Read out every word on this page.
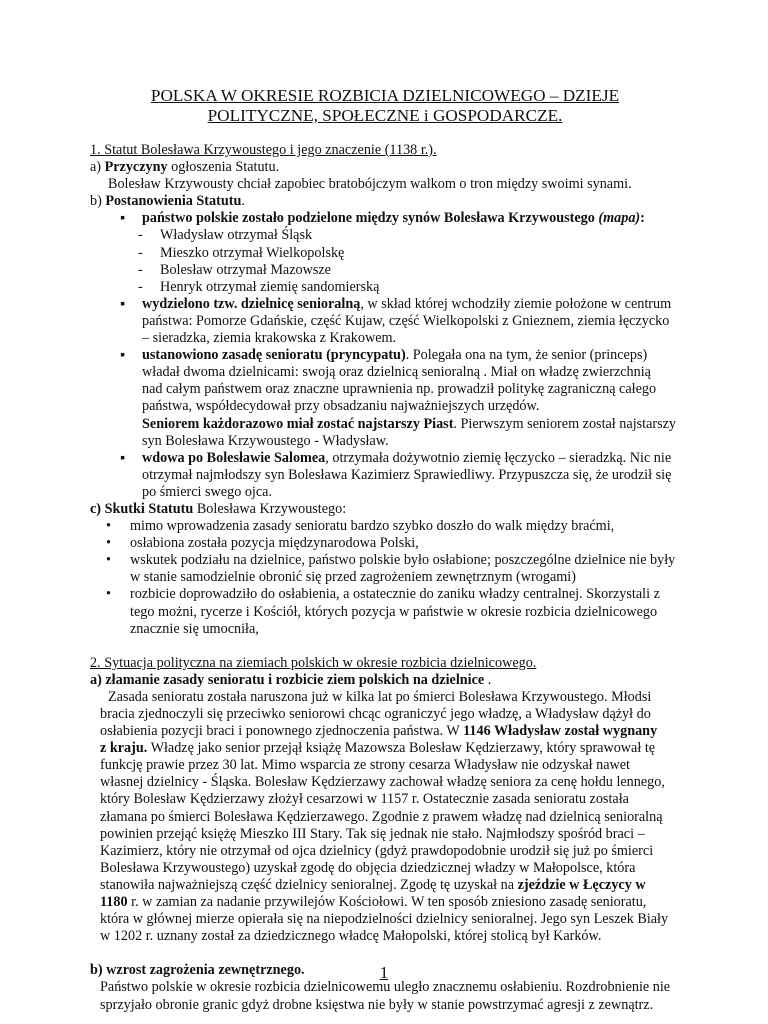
POLSKA W OKRESIE ROZBICIA DZIELNICOWEGO – DZIEJE
POLITYCZNE, SPOŁECZNE i GOSPODARCZE.

1. Statut Bolesława Krzywoustego i jego znaczenie (1138 r.).

a) Przyczyny ogłoszenia Statutu.

Bolesław Krzywousty chciał zapobiec bratobójczym walkom o tron między swoimi synami.

b) Postanowienia Statutu.

▪ państwo polskie zostało podzielone między synów Bolesława Krzywoustego (mapa):

- Władysław otrzymał Śląsk

- Mieszko otrzymał Wielkopolskę

- Bolesław otrzymał Mazowsze

- Henryk otrzymał ziemię sandomierską

▪ wydzielono tzw. dzielnicę senioralną, w skład której wchodziły ziemie położone w centrum

państwa: Pomorze Gdańskie, część Kujaw, część Wielkopolski z Gnieznem, ziemia łęczycko

– sieradzka, ziemia krakowska z Krakowem.

▪ ustanowiono zasadę senioratu (pryncypatu). Polegała ona na tym, że senior (princeps)

władał dwoma dzielnicami: swoją oraz dzielnicą senioralną . Miał on władzę zwierzchnią

nad całym państwem oraz znaczne uprawnienia np. prowadził politykę zagraniczną całego

państwa, współdecydował przy obsadzaniu najważniejszych urzędów.

Seniorem każdorazowo miał zostać najstarszy Piast. Pierwszym seniorem został najstarszy

syn Bolesława Krzywoustego - Władysław.

▪ wdowa po Bolesławie Salomea, otrzymała dożywotnio ziemię łęczycko – sieradzką. Nic nie

otrzymał najmłodszy syn Bolesława Kazimierz Sprawiedliwy. Przypuszcza się, że urodził się

po śmierci swego ojca.

c) Skutki Statutu Bolesława Krzywoustego:

• mimo wprowadzenia zasady senioratu bardzo szybko doszło do walk między braćmi,

• osłabiona została pozycja międzynarodowa Polski,

• wskutek podziału na dzielnice, państwo polskie było osłabione; poszczególne dzielnice nie były

w stanie samodzielnie obronić się przed zagrożeniem zewnętrznym (wrogami)

• rozbicie doprowadziło do osłabienia, a ostatecznie do zaniku władzy centralnej. Skorzystali z

tego możni, rycerze i Kościół, których pozycja w państwie w okresie rozbicia dzielnicowego

znacznie się umocniła,

2. Sytuacja polityczna na ziemiach polskich w okresie rozbicia dzielnicowego.

a) złamanie zasady senioratu i rozbicie ziem polskich na dzielnice .

Zasada senioratu została naruszona już w kilka lat po śmierci Bolesława Krzywoustego. Młodsi

bracia zjednoczyli się przeciwko seniorowi chcąc ograniczyć jego władzę, a Władysław dążył do

osłabienia pozycji braci i ponownego zjednoczenia państwa. W 1146 Władysław został wygnany

z kraju. Władzę jako senior przejął książę Mazowsza Bolesław Kędzierzawy, który sprawował tę

funkcję prawie przez 30 lat. Mimo wsparcia ze strony cesarza Władysław nie odzyskał nawet

własnej dzielnicy - Śląska. Bolesław Kędzierzawy zachował władzę seniora za cenę hołdu lennego,

który Bolesław Kędzierzawy złożył cesarzowi w 1157 r. Ostatecznie zasada senioratu została

złamana po śmierci Bolesława Kędzierzawego. Zgodnie z prawem władzę nad dzielnicą senioralną

powinien przejąć księżę Mieszko III Stary. Tak się jednak nie stało. Najmłodszy spośród braci –

Kazimierz, który nie otrzymał od ojca dzielnicy (gdyż prawdopodobnie urodził się już po śmierci

Bolesława Krzywoustego) uzyskał zgodę do objęcia dziedzicznej władzy w Małopolsce, która

stanowiła najważniejszą część dzielnicy senioralnej. Zgodę tę uzyskał na zjeździe w Łęczycy w

1180 r. w zamian za nadanie przywilejów Kościołowi. W ten sposób zniesiono zasadę senioratu,

która w głównej mierze opierała się na niepodzielności dzielnicy senioralnej. Jego syn Leszek Biały

w 1202 r. uznany został za dziedzicznego władcę Małopolski, której stolicą był Karków.

b) wzrost zagrożenia zewnętrznego.

Państwo polskie w okresie rozbicia dzielnicowemu uległo znacznemu osłabieniu. Rozdrobnienie nie

sprzyjało obronie granic gdyż drobne księstwa nie były w stanie powstrzymać agresji z zewnątrz.

1
